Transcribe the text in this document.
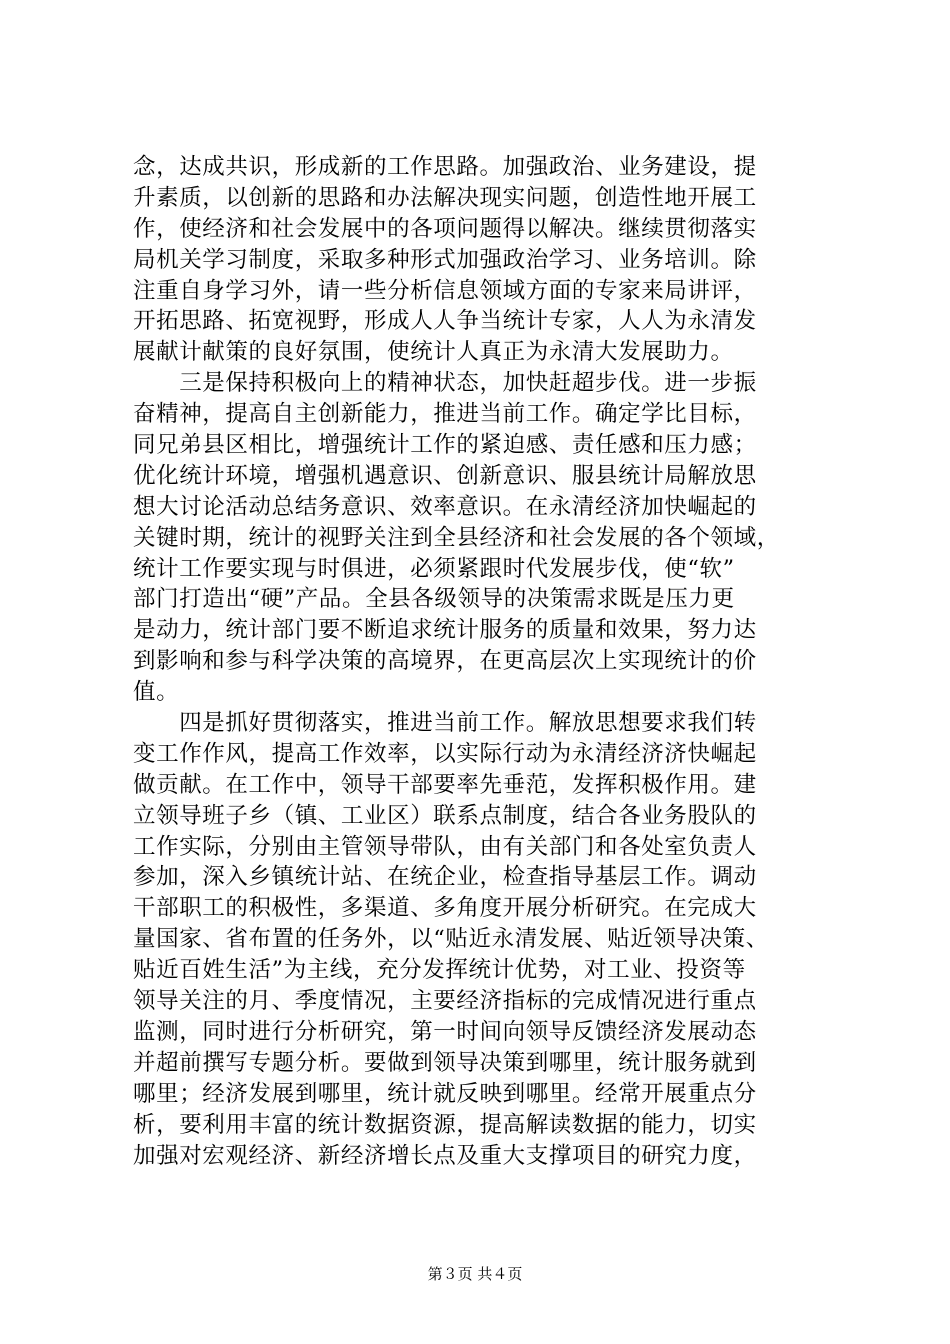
念，达成共识，形成新的工作思路。加强政治、业务建设，提
升素质，以创新的思路和办法解决现实问题，创造性地开展工
作，使经济和社会发展中的各项问题得以解决。继续贯彻落实
局机关学习制度，采取多种形式加强政治学习、业务培训。除
注重自身学习外，请一些分析信息领域方面的专家来局讲评，
开拓思路、拓宽视野，形成人人争当统计专家，人人为永清发
展献计献策的良好氛围，使统计人真正为永清大发展助力。
　　三是保持积极向上的精神状态，加快赶超步伐。进一步振
奋精神，提高自主创新能力，推进当前工作。确定学比目标，
同兄弟县区相比，增强统计工作的紧迫感、责任感和压力感；
优化统计环境，增强机遇意识、创新意识、服县统计局解放思
想大讨论活动总结务意识、效率意识。在永清经济加快崛起的
关键时期，统计的视野关注到全县经济和社会发展的各个领域，
统计工作要实现与时俱进，必须紧跟时代发展步伐，使“软”
部门打造出“硬”产品。全县各级领导的决策需求既是压力更
是动力，统计部门要不断追求统计服务的质量和效果，努力达
到影响和参与科学决策的高境界，在更高层次上实现统计的价
值。
　　四是抓好贯彻落实，推进当前工作。解放思想要求我们转
变工作作风，提高工作效率，以实际行动为永清经济济快崛起
做贡献。在工作中，领导干部要率先垂范，发挥积极作用。建
立领导班子乡（镇、工业区）联系点制度，结合各业务股队的
工作实际，分别由主管领导带队，由有关部门和各处室负责人
参加，深入乡镇统计站、在统企业，检查指导基层工作。调动
干部职工的积极性，多渠道、多角度开展分析研究。在完成大
量国家、省布置的任务外，以“贴近永清发展、贴近领导决策、
贴近百姓生活”为主线，充分发挥统计优势，对工业、投资等
领导关注的月、季度情况，主要经济指标的完成情况进行重点
监测，同时进行分析研究，第一时间向领导反馈经济发展动态
并超前撰写专题分析。要做到领导决策到哪里，统计服务就到
哪里；经济发展到哪里，统计就反映到哪里。经常开展重点分
析，要利用丰富的统计数据资源，提高解读数据的能力，切实
加强对宏观经济、新经济增长点及重大支撑项目的研究力度，
第３页 共４页
